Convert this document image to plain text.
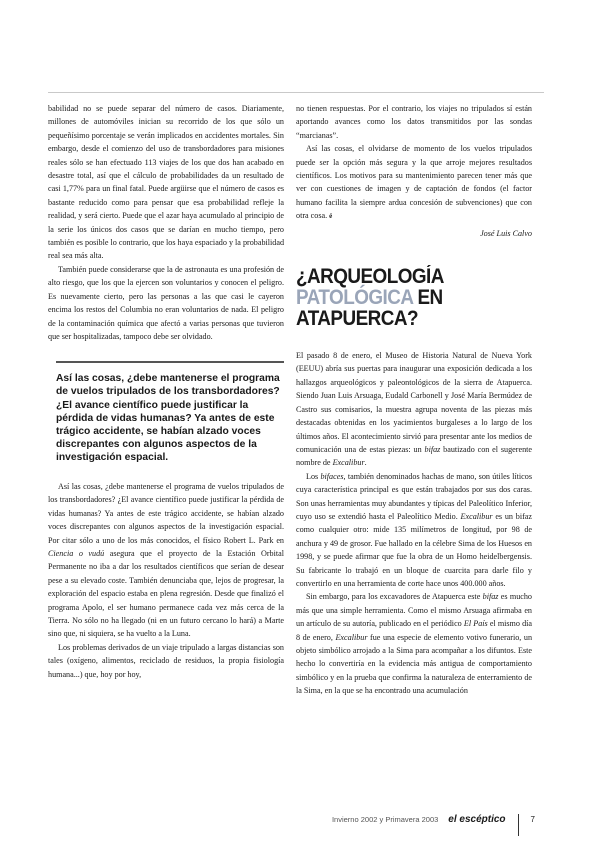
babilidad no se puede separar del número de casos. Diariamente, millones de automóviles inician su recorrido de los que sólo un pequeñísimo porcentaje se verán implicados en accidentes mortales. Sin embargo, desde el comienzo del uso de transbordadores para misiones reales sólo se han efectuado 113 viajes de los que dos han acabado en desastre total, así que el cálculo de probabilidades da un resultado de casi 1,77% para un final fatal. Puede argüirse que el número de casos es bastante reducido como para pensar que esa probabilidad refleje la realidad, y será cierto. Puede que el azar haya acumulado al principio de la serie los únicos dos casos que se darían en mucho tiempo, pero también es posible lo contrario, que los haya espaciado y la probabilidad real sea más alta.

También puede considerarse que la de astronauta es una profesión de alto riesgo, que los que la ejercen son voluntarios y conocen el peligro. Es nuevamente cierto, pero las personas a las que casi le cayeron encima los restos del Columbia no eran voluntarios de nada. El peligro de la contaminación química que afectó a varias personas que tuvieron que ser hospitalizadas, tampoco debe ser olvidado.

Así las cosas, ¿debe mantenerse el programa de vuelos tripulados de los transbordadores? ¿El avance científico puede justificar la pérdida de vidas humanas? Ya antes de este trágico accidente, se habían alzado voces discrepantes con algunos aspectos de la investigación espacial.

Así las cosas, ¿debe mantenerse el programa de vuelos tripulados de los transbordadores? ¿El avance científico puede justificar la pérdida de vidas humanas? Ya antes de este trágico accidente, se habían alzado voces discrepantes con algunos aspectos de la investigación espacial. Por citar sólo a uno de los más conocidos, el físico Robert L. Park en Ciencia o vudú asegura que el proyecto de la Estación Orbital Permanente no iba a dar los resultados científicos que serían de desear pese a su elevado coste. También denunciaba que, lejos de progresar, la exploración del espacio estaba en plena regresión. Desde que finalizó el programa Apolo, el ser humano permanece cada vez más cerca de la Tierra. No sólo no ha llegado (ni en un futuro cercano lo hará) a Marte sino que, ni siquiera, se ha vuelto a la Luna.

Los problemas derivados de un viaje tripulado a largas distancias son tales (oxígeno, alimentos, reciclado de residuos, la propia fisiología humana...) que, hoy por hoy,

no tienen respuestas. Por el contrario, los viajes no tripulados sí están aportando avances como los datos transmitidos por las sondas “marcianas”.

Así las cosas, el olvidarse de momento de los vuelos tripulados puede ser la opción más segura y la que arroje mejores resultados científicos. Los motivos para su mantenimiento parecen tener más que ver con cuestiones de imagen y de captación de fondos (el factor humano facilita la siempre ardua concesión de subvenciones) que con otra cosa. é

José Luis Calvo
¿ARQUEOLOGÍA
PATOLÓGICA EN
ATAPUERCA?

El pasado 8 de enero, el Museo de Historia Natural de Nueva York (EEUU) abría sus puertas para inaugurar una exposición dedicada a los hallazgos arqueológicos y paleontológicos de la sierra de Atapuerca. Siendo Juan Luis Arsuaga, Eudald Carbonell y José María Bermúdez de Castro sus comisarios, la muestra agrupa noventa de las piezas más destacadas obtenidas en los yacimientos burgaleses a lo largo de los últimos años. El acontecimiento sirvió para presentar ante los medios de comunicación una de estas piezas: un bifaz bautizado con el sugerente nombre de Excalibur.

Los bifaces, también denominados hachas de mano, son útiles líticos cuya característica principal es que están trabajados por sus dos caras. Son unas herramientas muy abundantes y típicas del Paleolítico Inferior, cuyo uso se extendió hasta el Paleolítico Medio. Excalibur es un bifaz como cualquier otro: mide 135 milímetros de longitud, por 98 de anchura y 49 de grosor. Fue hallado en la célebre Sima de los Huesos en 1998, y se puede afirmar que fue la obra de un Homo heidelbergensis. Su fabricante lo trabajó en un bloque de cuarcita para darle filo y convertirlo en una herramienta de corte hace unos 400.000 años.

Sin embargo, para los excavadores de Atapuerca este bifaz es mucho más que una simple herramienta. Como el mismo Arsuaga afirmaba en un artículo de su autoría, publicado en el periódico El País el mismo día 8 de enero, Excalibur fue una especie de elemento votivo funerario, un objeto simbólico arrojado a la Sima para acompañar a los difuntos. Este hecho lo convertiría en la evidencia más antigua de comportamiento simbólico y en la prueba que confirma la naturaleza de enterramiento de la Sima, en la que se ha encontrado una acumulación

Invierno 2002 y Primavera 2003 el escéptico	7
